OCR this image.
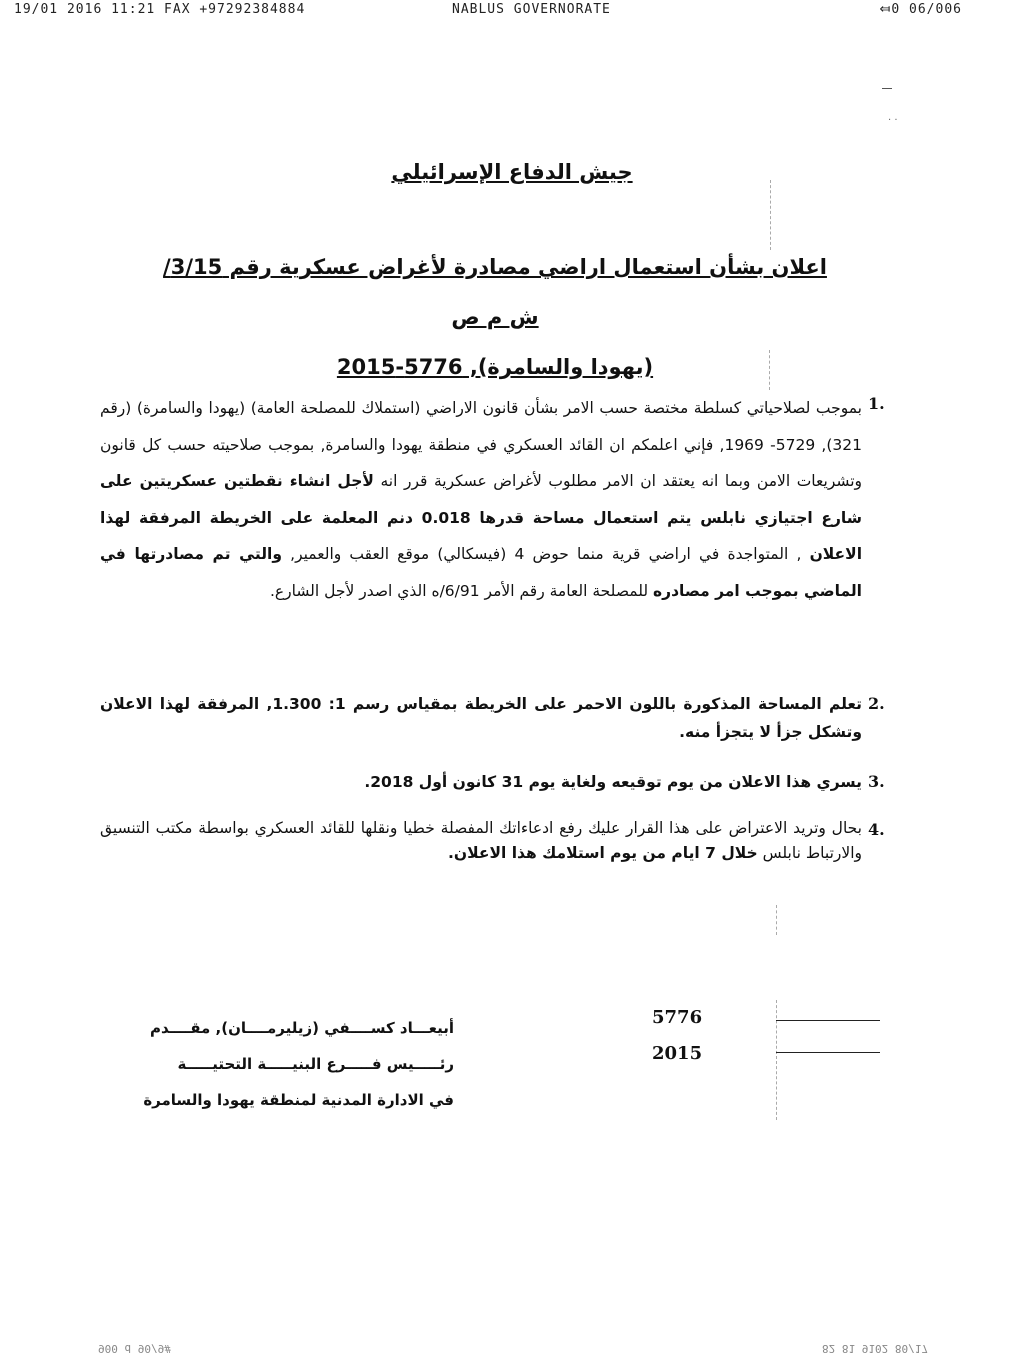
19/01 2016 11:21 FAX +97292384884	NABLUS GOVERNORATE	⤆0 06/006
. .
جيش الدفاع الإسرائيلي
اعلان بشأن استعمال اراضي مصادرة لأغراض عسكرية رقم 3/15/ ش م ص
(يهودا والسامرة), 5776-2015
1.
بموجب لصلاحياتي كسلطة مختصة حسب الامر بشأن قانون الاراضي (استملاك للمصلحة العامة) (يهودا والسامرة) (رقم 321), 5729- 1969, فإني اعلمكم ان القائد العسكري في منطقة يهودا والسامرة, بموجب صلاحيته حسب كل قانون وتشريعات الامن وبما انه يعتقد ان الامر مطلوب لأغراض عسكرية قرر انه لأجل انشاء نقطتين عسكريتين على شارع اجتيازي نابلس يتم استعمال مساحة قدرها 0.018 دنم المعلمة على الخريطة المرفقة لهذا الاعلان , المتواجدة في اراضي قرية منما حوض 4 (فيسكالي) موقع العقب والعمير, والتي تم مصادرتها في الماضي بموجب امر مصادره للمصلحة العامة رقم الأمر 6/91/ه الذي اصدر لأجل الشارع.
2.
تعلم المساحة المذكورة باللون الاحمر على الخريطة بمقياس رسم 1: 1.300, المرفقة لهذا الاعلان وتشكل جزأ لا يتجزأ منه.
3.
يسري هذا الاعلان من يوم توقيعه ولغاية يوم 31 كانون أول 2018.
4.
بحال وتريد الاعتراض على هذا القرار عليك رفع ادعاءاتك المفصلة خطيا ونقلها للقائد العسكري بواسطة مكتب التنسيق والارتباط نابلس خلال 7 ايام من يوم استلامك هذا الاعلان.
أبيعـــاد كســــفي (زيليرمــــان), مقــــدم
رئـــــيس فـــــرع البنيـــــة التحتيـــــة
في الادارة المدنية لمنطقة يهودا والسامرة
5776
2015
900 d 90/9#	82 81 9102 80/17
